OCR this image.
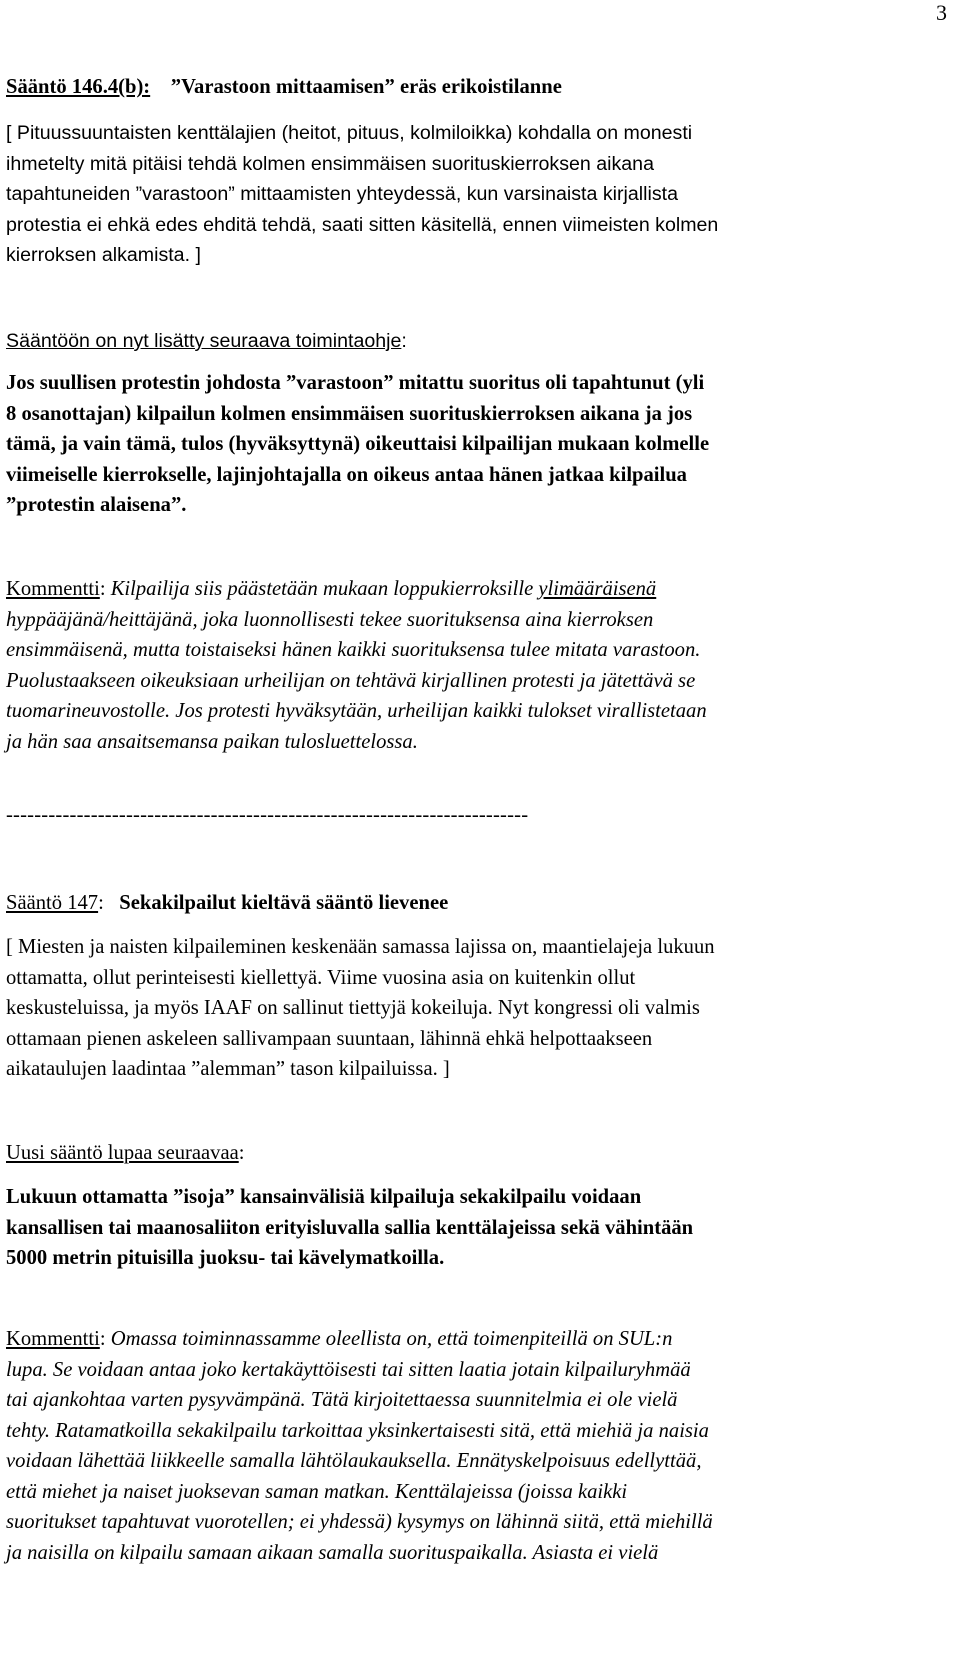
3
Sääntö 146.4(b): ”Varastoon mittaamisen” eräs erikoistilanne
[ Pituussuuntaisten kenttälajien (heitot, pituus, kolmiloikka) kohdalla on monesti
ihmetelty mitä pitäisi tehdä kolmen ensimmäisen suorituskierroksen aikana
tapahtuneiden ”varastoon” mittaamisten yhteydessä, kun varsinaista kirjallista
protestia ei ehkä edes ehditä tehdä, saati sitten käsitellä, ennen viimeisten kolmen
kierroksen alkamista. ]
Sääntöön on nyt lisätty seuraava toimintaohje:
Jos suullisen protestin johdosta ”varastoon” mitattu suoritus oli tapahtunut (yli
8 osanottajan) kilpailun kolmen ensimmäisen suorituskierroksen aikana ja jos
tämä, ja vain tämä, tulos (hyväksyttynä) oikeuttaisi kilpailijan mukaan kolmelle
viimeiselle kierrokselle, lajinjohtajalla on oikeus antaa hänen jatkaa kilpailua
”protestin alaisena”.
Kommentti: Kilpailija siis päästetään mukaan loppukierroksille ylimääräisenä
hyppääjänä/heittäjänä, joka luonnollisesti tekee suorituksensa aina kierroksen
ensimmäisenä, mutta toistaiseksi hänen kaikki suorituksensa tulee mitata varastoon.
Puolustaakseen oikeuksiaan urheilijan on tehtävä kirjallinen protesti ja jätettävä se
tuomarineuvostolle. Jos protesti hyväksytään, urheilijan kaikki tulokset virallistetaan
ja hän saa ansaitsemansa paikan tulosluettelossa.
--------------------------------------------------------------------------
Sääntö 147: Sekakilpailut kieltävä sääntö lievenee
[ Miesten ja naisten kilpaileminen keskenään samassa lajissa on, maantielajeja lukuun
ottamatta, ollut perinteisesti kiellettyä. Viime vuosina asia on kuitenkin ollut
keskusteluissa, ja myös IAAF on sallinut tiettyjä kokeiluja. Nyt kongressi oli valmis
ottamaan pienen askeleen sallivampaan suuntaan, lähinnä ehkä helpottaakseen
aikataulujen laadintaa ”alemman” tason kilpailuissa. ]
Uusi sääntö lupaa seuraavaa:
Lukuun ottamatta ”isoja” kansainvälisiä kilpailuja sekakilpailu voidaan
kansallisen tai maanosaliiton erityisluvalla sallia kenttälajeissa sekä vähintään
5000 metrin pituisilla juoksu- tai kävelymatkoilla.
Kommentti: Omassa toiminnassamme oleellista on, että toimenpiteillä on SUL:n
lupa. Se voidaan antaa joko kertakäyttöisesti tai sitten laatia jotain kilpailuryhmää
tai ajankohtaa varten pysyvämpänä. Tätä kirjoitettaessa suunnitelmia ei ole vielä
tehty. Ratamatkoilla sekakilpailu tarkoittaa yksinkertaisesti sitä, että miehiä ja naisia
voidaan lähettää liikkeelle samalla lähtölaukauksella. Ennätyskelpoisuus edellyttää,
että miehet ja naiset juoksevan saman matkan. Kenttälajeissa (joissa kaikki
suoritukset tapahtuvat vuorotellen; ei yhdessä) kysymys on lähinnä siitä, että miehillä
ja naisilla on kilpailu samaan aikaan samalla suorituspaikalla. Asiasta ei vielä
